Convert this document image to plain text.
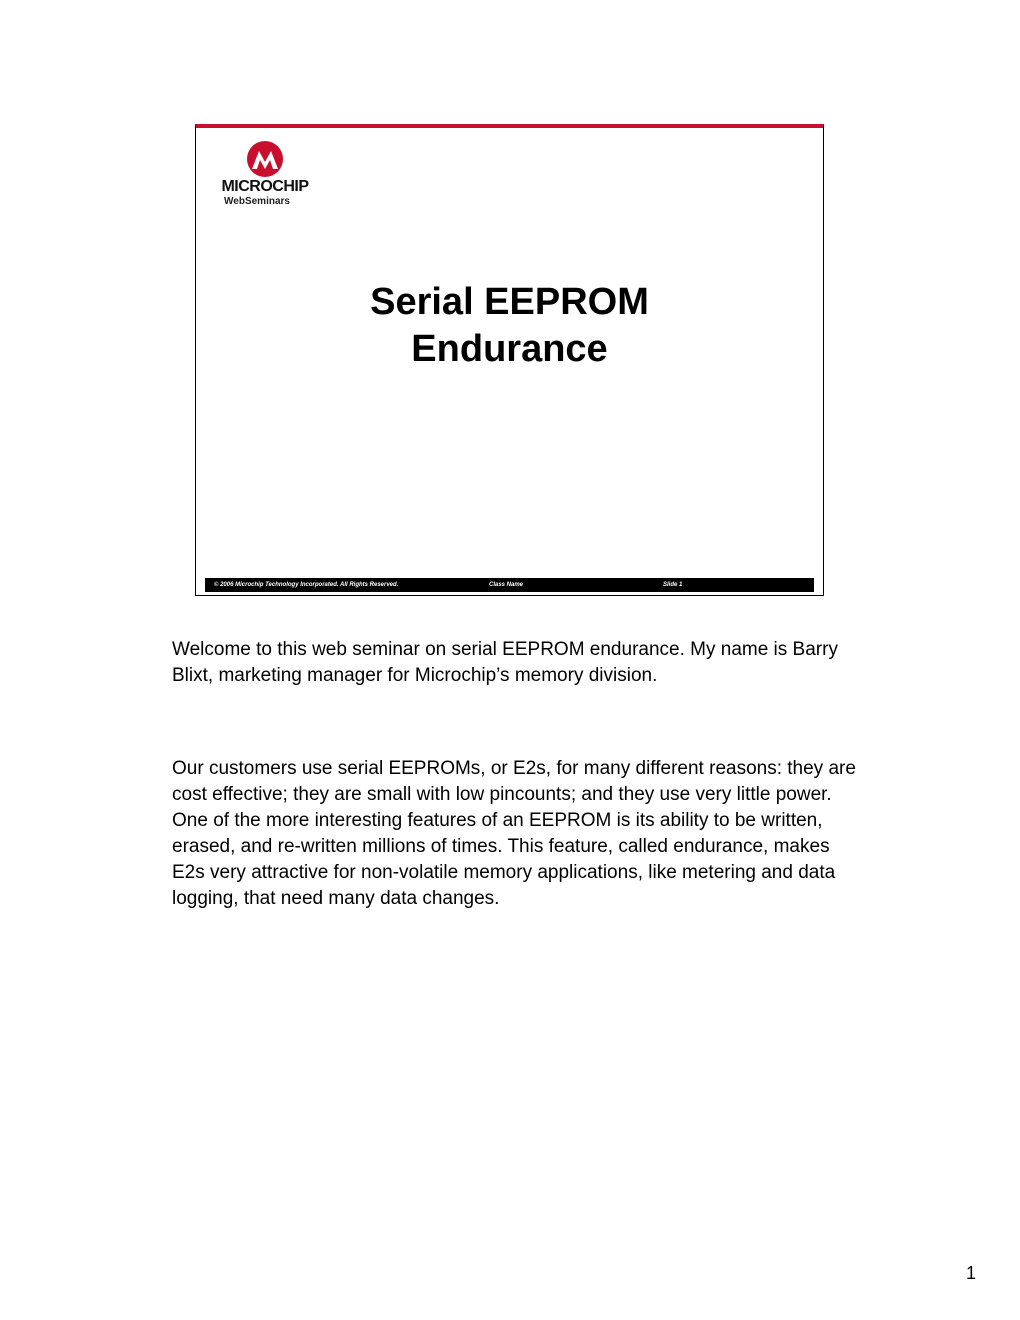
MICROCHIP
WebSeminars
Serial EEPROM
Endurance
© 2006 Microchip Technology Incorporated. All Rights Reserved.	Class Name	Slide 1

Welcome to this web seminar on serial EEPROM endurance. My name is Barry Blixt, marketing manager for Microchip’s memory division.

Our customers use serial EEPROMs, or E2s, for many different reasons: they are cost effective; they are small with low pincounts; and they use very little power. One of the more interesting features of an EEPROM is its ability to be written, erased, and re-written millions of times. This feature, called endurance, makes E2s very attractive for non-volatile memory applications, like metering and data logging, that need many data changes.

1
